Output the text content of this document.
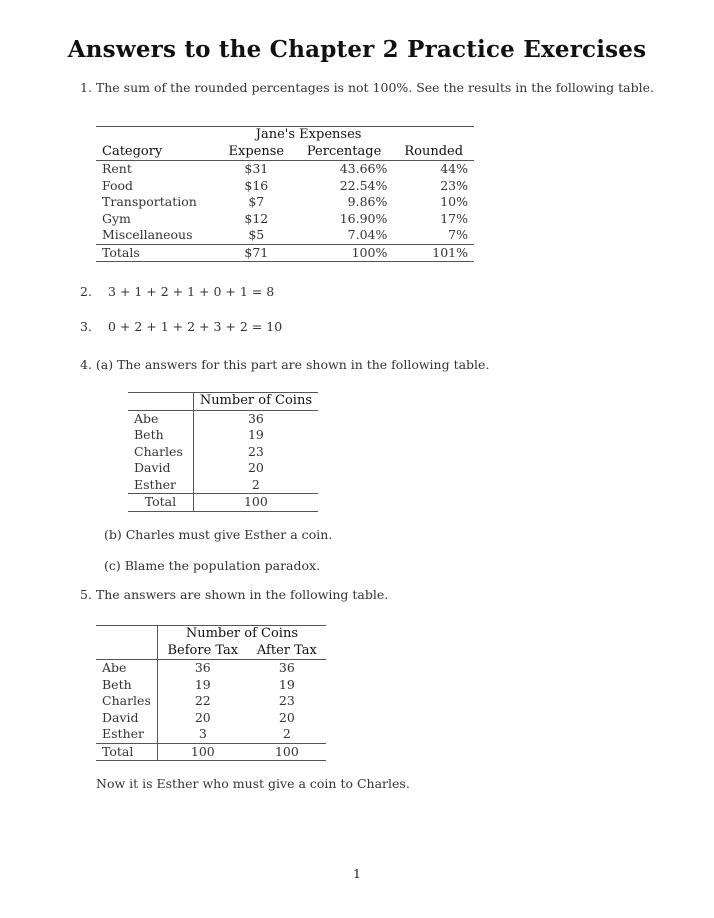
Answers to the Chapter 2 Practice Exercises
1. The sum of the rounded percentages is not 100%. See the results in the following table.
	Jane's Expenses		
Category	Expense	Percentage	Rounded
Rent	$31	43.66%	44%
Food	$16	22.54%	23%
Transportation	$7	9.86%	10%
Gym	$12	16.90%	17%
Miscellaneous	$5	7.04%	7%
Totals	$71	100%	101%
2. 3 + 1 + 2 + 1 + 0 + 1 = 8
3. 0 + 2 + 1 + 2 + 3 + 2 = 10
4. (a) The answers for this part are shown in the following table.
	Number of Coins
Abe	36
Beth	19
Charles	23
David	20
Esther	2
Total	100
(b) Charles must give Esther a coin.
(c) Blame the population paradox.
5. The answers are shown in the following table.
	Number of Coins	
	Before Tax	After Tax
Abe	36	36
Beth	19	19
Charles	22	23
David	20	20
Esther	3	2
Total	100	100
Now it is Esther who must give a coin to Charles.
1
